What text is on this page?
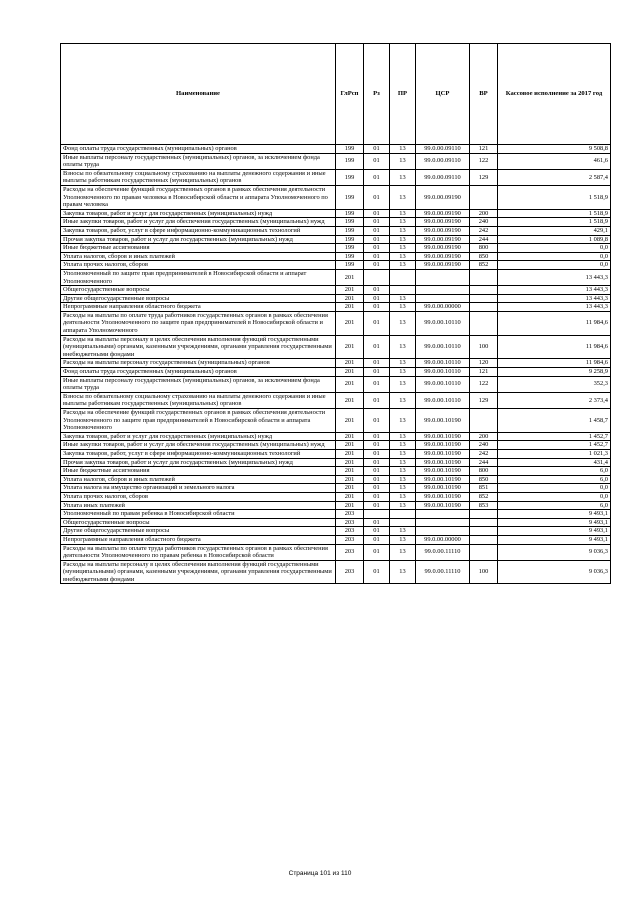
Наименование	ГлРсп	Рз	ПР	ЦСР	ВР	Кассовое исполнение за 2017 год
Фонд оплаты труда государственных (муниципальных) органов	199	01	13	99.0.00.09110	121	9 508,8
Иные выплаты персоналу государственных (муниципальных) органов, за исключением фонда оплаты труда	199	01	13	99.0.00.09110	122	461,6
Взносы по обязательному социальному страхованию на выплаты денежного содержания и иные выплаты работникам государственных (муниципальных) органов	199	01	13	99.0.00.09110	129	2 587,4
Расходы на обеспечение функций государственных органов в рамках обеспечения деятельности Уполномоченного по правам человека в Новосибирской области и аппарата Уполномоченного по правам человека	199	01	13	99.0.00.09190		1 518,9
Закупка товаров, работ и услуг для государственных (муниципальных) нужд	199	01	13	99.0.00.09190	200	1 518,9
Иные закупки товаров, работ и услуг для обеспечения государственных (муниципальных) нужд	199	01	13	99.0.00.09190	240	1 518,9
Закупка товаров, работ, услуг в сфере информационно-коммуникационных технологий	199	01	13	99.0.00.09190	242	429,1
Прочая закупка товаров, работ и услуг для государственных (муниципальных) нужд	199	01	13	99.0.00.09190	244	1 089,8
Иные бюджетные ассигнования	199	01	13	99.0.00.09190	800	0,0
Уплата налогов, сборов и иных платежей	199	01	13	99.0.00.09190	850	0,0
Уплата прочих налогов, сборов	199	01	13	99.0.00.09190	852	0,0
Уполномоченный по защите прав предпринимателей в Новосибирской области и аппарат Уполномоченного	201					13 443,3
Общегосударственные вопросы	201	01				13 443,3
Другие общегосударственные вопросы	201	01	13			13 443,3
Непрограммные направления областного бюджета	201	01	13	99.0.00.00000		13 443,3
Расходы на выплаты по оплате труда работников государственных органов в рамках обеспечения деятельности Уполномоченного по защите прав предпринимателей в Новосибирской области и аппарата Уполномоченного	201	01	13	99.0.00.10110		11 984,6
Расходы на выплаты персоналу в целях обеспечения выполнения функций государственными (муниципальными) органами, казенными учреждениями, органами управления государственными внебюджетными фондами	201	01	13	99.0.00.10110	100	11 984,6
Расходы на выплаты персоналу государственных (муниципальных) органов	201	01	13	99.0.00.10110	120	11 984,6
Фонд оплаты труда государственных (муниципальных) органов	201	01	13	99.0.00.10110	121	9 258,9
Иные выплаты персоналу государственных (муниципальных) органов, за исключением фонда оплаты труда	201	01	13	99.0.00.10110	122	352,3
Взносы по обязательному социальному страхованию на выплаты денежного содержания и иные выплаты работникам государственных (муниципальных) органов	201	01	13	99.0.00.10110	129	2 373,4
Расходы на обеспечение функций государственных органов в рамках обеспечения деятельности Уполномоченного по защите прав предпринимателей в Новосибирской области и аппарата Уполномоченного	201	01	13	99.0.00.10190		1 458,7
Закупка товаров, работ и услуг для государственных (муниципальных) нужд	201	01	13	99.0.00.10190	200	1 452,7
Иные закупки товаров, работ и услуг для обеспечения государственных (муниципальных) нужд	201	01	13	99.0.00.10190	240	1 452,7
Закупка товаров, работ, услуг в сфере информационно-коммуникационных технологий	201	01	13	99.0.00.10190	242	1 021,3
Прочая закупка товаров, работ и услуг для государственных (муниципальных) нужд	201	01	13	99.0.00.10190	244	431,4
Иные бюджетные ассигнования	201	01	13	99.0.00.10190	800	6,0
Уплата налогов, сборов и иных платежей	201	01	13	99.0.00.10190	850	6,0
Уплата налога на имущество организаций и земельного налога	201	01	13	99.0.00.10190	851	0,0
Уплата прочих налогов, сборов	201	01	13	99.0.00.10190	852	0,0
Уплата иных платежей	201	01	13	99.0.00.10190	853	6,0
Уполномоченный по правам ребенка в Новосибирской области	203					9 493,1
Общегосударственные вопросы	203	01				9 493,1
Другие общегосударственные вопросы	203	01	13			9 493,1
Непрограммные направления областного бюджета	203	01	13	99.0.00.00000		9 493,1
Расходы на выплаты по оплате труда работников государственных органов в рамках обеспечения деятельности Уполномоченного по правам ребенка в Новосибирской области	203	01	13	99.0.00.11110		9 036,3
Расходы на выплаты персоналу в целях обеспечения выполнения функций государственными (муниципальными) органами, казенными учреждениями, органами управления государственными внебюджетными фондами	203	01	13	99.0.00.11110	100	9 036,3
Страница 101 из 110
